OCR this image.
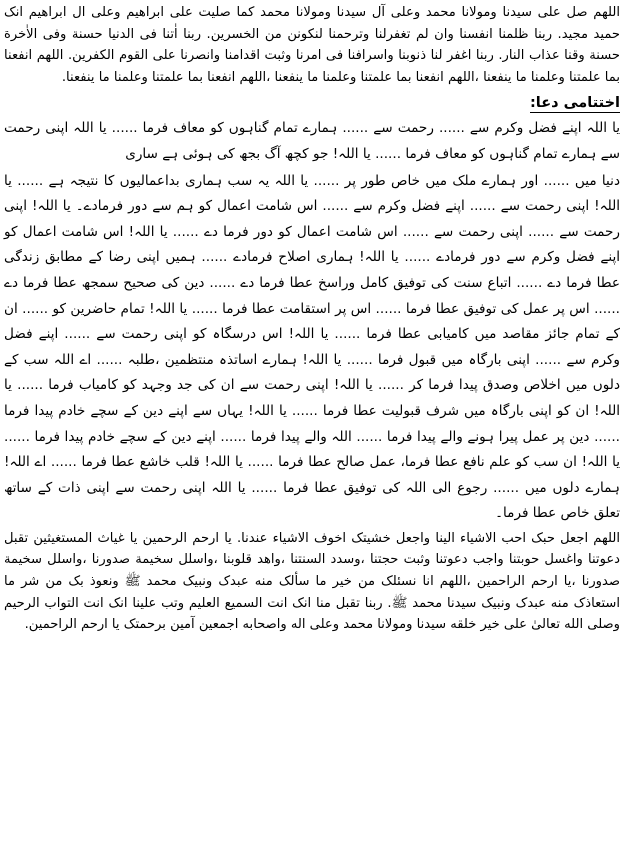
اللهم صل علی سیدنا ومولانا محمد وعلی آل سیدنا ومولانا محمد کما صلیت علی ابراهیم وعلی ال ابراهیم انک حمید مجید. ربنا ظلمنا انفسنا وان لم تغفرلنا وترحمنا لنکونن من الخسرین. ربنا اٰتنا فی الدنیا حسنة وفی الاٰخرة حسنة وقنا عذاب النار. ربنا اغفر لنا ذنوبنا واسرافنا فی امرنا وثبت اقدامنا وانصرنا علی القوم الکفرین. اللهم انفعنا بما علمتنا وعلمنا ما ینفعنا ،اللهم انفعنا بما علمتنا وعلمنا ما ینفعنا ،اللهم انفعنا بما علمتنا وعلمنا ما ینفعنا.

اختتامی دعا:

یا اللہ اپنے فضل وکرم سے ...... رحمت سے ...... ہمارے تمام گناہوں کو معاف فرما ...... یا اللہ اپنی رحمت سے ہمارے تمام گناہوں کو معاف فرما ...... یا اللہ! جو کچھ آگ بجھ کی ہوئی ہے ساری

دنیا میں ...... اور ہمارے ملک میں خاص طور پر ...... یا اللہ یہ سب ہماری بداعمالیوں کا نتیجہ ہے ...... یا اللہ! اپنی رحمت سے ...... اپنے فضل وکرم سے ...... اس شامت اعمال کو ہم سے دور فرمادے۔ یا اللہ! اپنی رحمت سے ...... اپنی رحمت سے ...... اس شامت اعمال کو دور فرما دے ...... یا اللہ! اس شامت اعمال کو اپنے فضل وکرم سے دور فرمادے ...... یا اللہ! ہماری اصلاح فرمادے ...... ہمیں اپنی رضا کے مطابق زندگی عطا فرما دے ...... اتباع سنت کی توفیق کامل وراسخ عطا فرما دے ...... دین کی صحیح سمجھ عطا فرما دے ...... اس پر عمل کی توفیق عطا فرما ...... اس پر استقامت عطا فرما ...... یا اللہ! تمام حاضرین کو ...... ان کے تمام جائز مقاصد میں کامیابی عطا فرما ...... یا اللہ! اس درسگاہ کو اپنی رحمت سے ...... اپنے فضل وکرم سے ...... اپنی بارگاہ میں قبول فرما ...... یا اللہ! ہمارے اساتذہ منتظمین ،طلبہ ...... اے اللہ سب کے دلوں میں اخلاص وصدق پیدا فرما کر ...... یا اللہ! اپنی رحمت سے ان کی جد وجہد کو کامیاب فرما ...... یا اللہ! ان کو اپنی بارگاہ میں شرف قبولیت عطا فرما ...... یا اللہ! یہاں سے اپنے دین کے سچے خادم پیدا فرما ...... دین پر عمل پیرا ہونے والے پیدا فرما ...... اللہ والے پیدا فرما ...... اپنے دین کے سچے خادم پیدا فرما ...... یا اللہ! ان سب کو علم نافع عطا فرما، عمل صالح عطا فرما ...... یا اللہ! قلب خاشع عطا فرما ...... اے اللہ! ہمارے دلوں میں ...... رجوع الی اللہ کی توفیق عطا فرما ...... یا اللہ اپنی رحمت سے اپنی ذات کے ساتھ تعلق خاص عطا فرما۔

اللهم اجعل حبک احب الاشیاء الینا واجعل خشیتک اخوف الاشیاء عندنا. یا ارحم الرحمین یا غیاث المستغیثین تقبل دعوتنا واغسل حوبتنا واجب دعوتنا وثبت حجتنا ،وسدد السنتنا ،واهد قلوبنا ،واسلل سخیمة صدورنا ،واسلل سخیمة صدورنا ،یا ارحم الراحمین ،اللهم انا نسئلک من خیر ما سألک منه عبدک ونبیک محمد ﷺ ونعوذ بک من شر ما استعاذک منه عبدک ونبیک سیدنا محمد ﷺ. ربنا تقبل منا انک انت السمیع العلیم وتب علینا انک انت التواب الرحیم وصلی الله تعالیٰ علی خیر خلقه سیدنا ومولانا محمد وعلی اله واصحابه اجمعین آمین برحمتک یا ارحم الراحمین.
